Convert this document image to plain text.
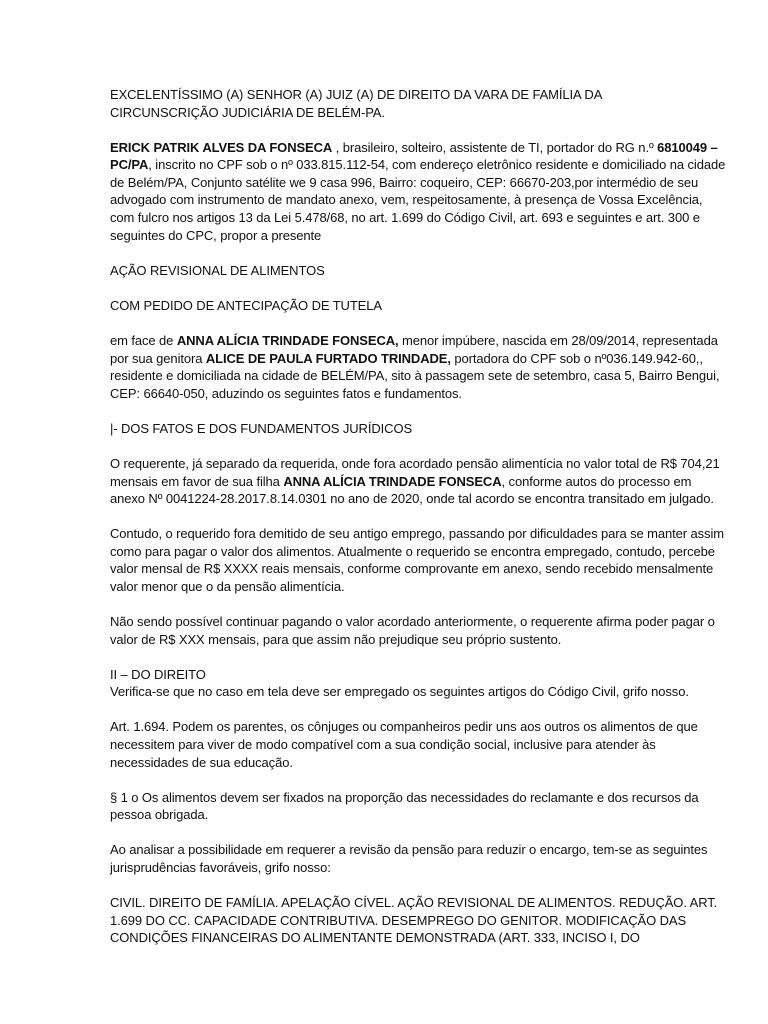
EXCELENTÍSSIMO (A) SENHOR (A) JUIZ (A) DE DIREITO DA VARA DE FAMÍLIA DA
CIRCUNSCRIÇÃO JUDICIÁRIA DE BELÉM-PA.

ERICK PATRIK ALVES DA FONSECA , brasileiro, solteiro, assistente de TI, portador do RG n.º 6810049 – PC/PA, inscrito no CPF sob o nº 033.815.112-54, com endereço eletrônico residente e domiciliado na cidade de Belém/PA, Conjunto satélite we 9 casa 996, Bairro: coqueiro, CEP: 66670-203,por intermédio de seu advogado com instrumento de mandato anexo, vem, respeitosamente, à presença de Vossa Excelência, com fulcro nos artigos 13 da Lei 5.478/68, no art. 1.699 do Código Civil, art. 693 e seguintes e art. 300 e seguintes do CPC, propor a presente

AÇÃO REVISIONAL DE ALIMENTOS

COM PEDIDO DE ANTECIPAÇÃO DE TUTELA

em face de ANNA ALÍCIA TRINDADE FONSECA, menor impúbere, nascida em 28/09/2014, representada por sua genitora ALICE DE PAULA FURTADO TRINDADE, portadora do CPF sob o nº036.149.942-60,, residente e domiciliada na cidade de BELÉM/PA, sito à passagem sete de setembro, casa 5, Bairro Bengui, CEP: 66640-050, aduzindo os seguintes fatos e fundamentos.

|- DOS FATOS E DOS FUNDAMENTOS JURÍDICOS

O requerente, já separado da requerida, onde fora acordado pensão alimentícia no valor total de R$ 704,21 mensais em favor de sua filha ANNA ALÍCIA TRINDADE FONSECA, conforme autos do processo em anexo Nº 0041224-28.2017.8.14.0301 no ano de 2020, onde tal acordo se encontra transitado em julgado.

Contudo, o requerido fora demitido de seu antigo emprego, passando por dificuldades para se manter assim como para pagar o valor dos alimentos. Atualmente o requerido se encontra empregado, contudo, percebe valor mensal de R$ XXXX reais mensais, conforme comprovante em anexo, sendo recebido mensalmente valor menor que o da pensão alimentícia.

Não sendo possível continuar pagando o valor acordado anteriormente, o requerente afirma poder pagar o valor de R$ XXX mensais, para que assim não prejudique seu próprio sustento.

II – DO DIREITO

Verifica-se que no caso em tela deve ser empregado os seguintes artigos do Código Civil, grifo nosso.

Art. 1.694. Podem os parentes, os cônjuges ou companheiros pedir uns aos outros os alimentos de que necessitem para viver de modo compatível com a sua condição social, inclusive para atender às necessidades de sua educação.

§ 1 o Os alimentos devem ser fixados na proporção das necessidades do reclamante e dos recursos da pessoa obrigada.

Ao analisar a possibilidade em requerer a revisão da pensão para reduzir o encargo, tem-se as seguintes jurisprudências favoráveis, grifo nosso:

CIVIL. DIREITO DE FAMÍLIA. APELAÇÃO CÍVEL. AÇÃO REVISIONAL DE ALIMENTOS. REDUÇÃO. ART. 1.699 DO CC. CAPACIDADE CONTRIBUTIVA. DESEMPREGO DO GENITOR. MODIFICAÇÃO DAS CONDIÇÕES FINANCEIRAS DO ALIMENTANTE DEMONSTRADA (ART. 333, INCISO I, DO
